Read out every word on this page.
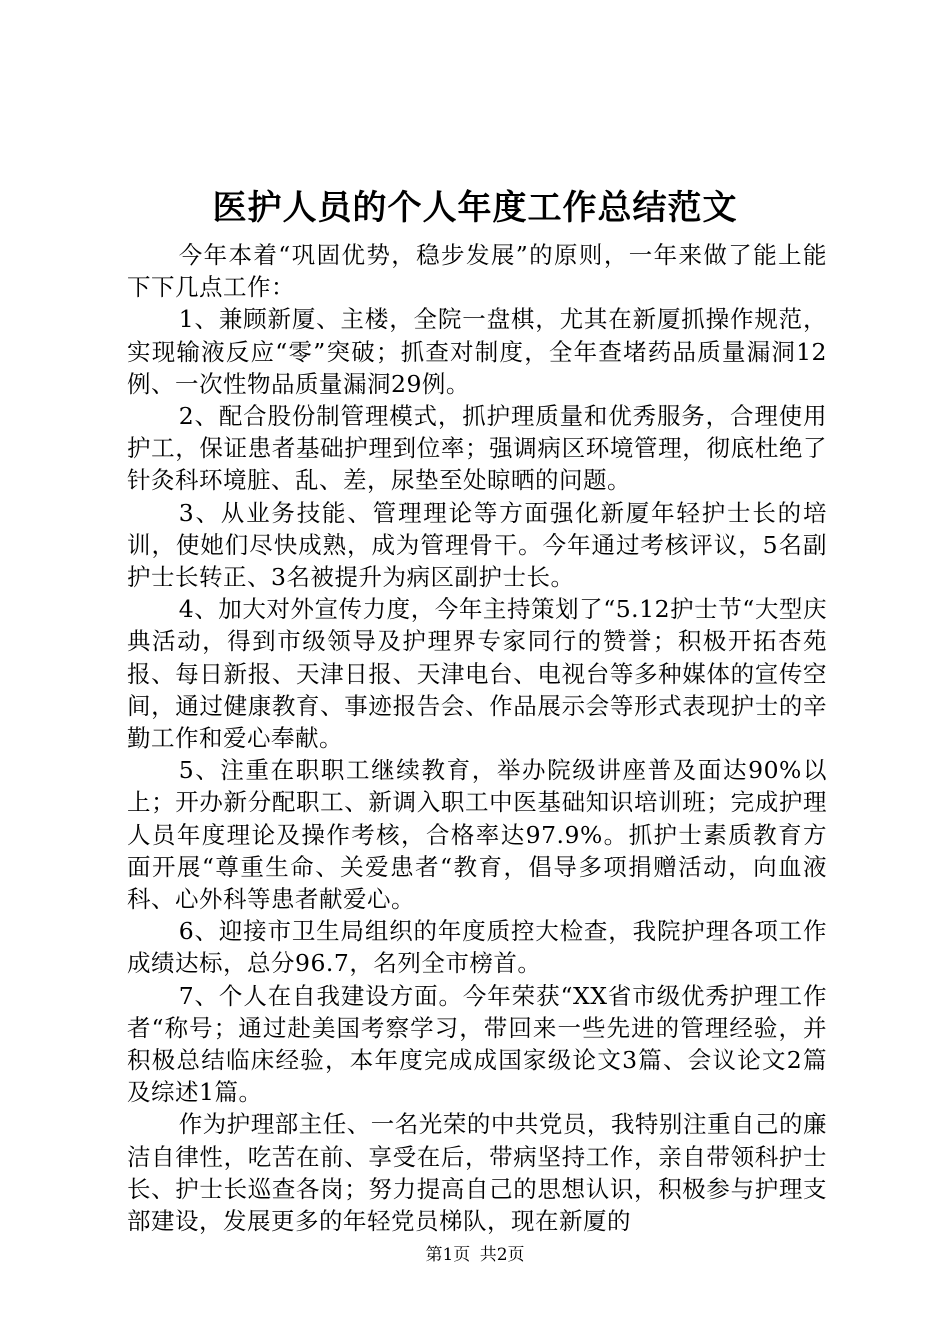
医护人员的个人年度工作总结范文

今年本着“巩固优势，稳步发展”的原则，一年来做了能上能下下几点工作：

1、兼顾新厦、主楼，全院一盘棋，尤其在新厦抓操作规范，实现输液反应“零”突破；抓查对制度，全年查堵药品质量漏洞12例、一次性物品质量漏洞29例。

2、配合股份制管理模式，抓护理质量和优秀服务，合理使用护工，保证患者基础护理到位率；强调病区环境管理，彻底杜绝了针灸科环境脏、乱、差，尿垫至处晾晒的问题。

3、从业务技能、管理理论等方面强化新厦年轻护士长的培训，使她们尽快成熟，成为管理骨干。今年通过考核评议，5名副护士长转正、3名被提升为病区副护士长。

4、加大对外宣传力度，今年主持策划了“5.12护士节“大型庆典活动，得到市级领导及护理界专家同行的赞誉；积极开拓杏苑报、每日新报、天津日报、天津电台、电视台等多种媒体的宣传空间，通过健康教育、事迹报告会、作品展示会等形式表现护士的辛勤工作和爱心奉献。

5、注重在职职工继续教育，举办院级讲座普及面达90%以上；开办新分配职工、新调入职工中医基础知识培训班；完成护理人员年度理论及操作考核，合格率达97.9%。抓护士素质教育方面开展“尊重生命、关爱患者“教育，倡导多项捐赠活动，向血液科、心外科等患者献爱心。

6、迎接市卫生局组织的年度质控大检查，我院护理各项工作成绩达标，总分96.7，名列全市榜首。

7、个人在自我建设方面。今年荣获“XX省市级优秀护理工作者“称号；通过赴美国考察学习，带回来一些先进的管理经验，并积极总结临床经验，本年度完成成国家级论文3篇、会议论文2篇及综述1篇。

作为护理部主任、一名光荣的中共党员，我特别注重自己的廉洁自律性，吃苦在前、享受在后，带病坚持工作，亲自带领科护士长、护士长巡查各岗；努力提高自己的思想认识，积极参与护理支部建设，发展更多的年轻党员梯队，现在新厦的

第1页 共2页
